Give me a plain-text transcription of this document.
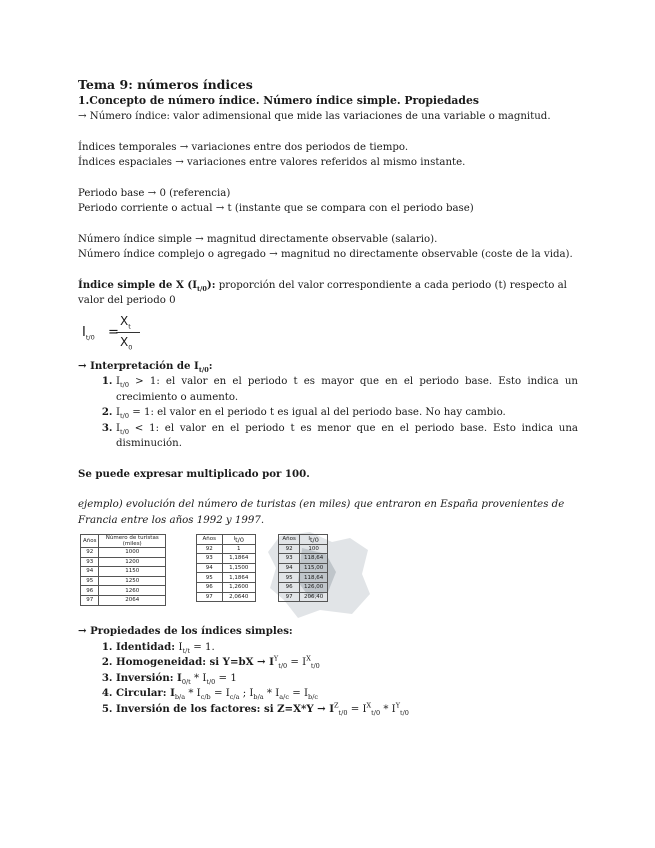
Tema 9: números índices

1.Concepto de número índice. Número índice simple. Propiedades

→ Número índice: valor adimensional que mide las variaciones de una variable o magnitud.

Índices temporales → variaciones entre dos periodos de tiempo.

Índices espaciales → variaciones entre valores referidos al mismo instante.

Periodo base → 0 (referencia)

Periodo corriente o actual → t (instante que se compara con el periodo base)

Número índice simple → magnitud directamente observable (salario).

Número índice complejo o agregado → magnitud no directamente observable (coste de la vida).

Índice simple de X $(I_{t/0})$: proporción del valor correspondiente a cada periodo (t) respecto al valor del periodo 0

$I_{t/0}$ =
$X_t$
$X_0$

→ Interpretación de $I_{t/0}$:

1. $I_{t/0} > 1$: el valor en el periodo t es mayor que en el periodo base. Esto indica un crecimiento o aumento.
2. $I_{t/0} = 1$: el valor en el periodo t es igual al del periodo base. No hay cambio.
3. $I_{t/0} < 1$: el valor en el periodo t es menor que en el periodo base. Esto indica una disminución.

Se puede expresar multiplicado por 100.

ejemplo) evolución del número de turistas (en miles) que entraron en España provenientes de Francia entre los años 1992 y 1997.

Años	Número de turistas (miles)
92	1000
93	1200
94	1150
95	1250
96	1260
97	2064
Años	$I_{t/0}$
92	1
93	1,1864
94	1,1500
95	1,1864
96	1,2600
97	2,0640
Años	$I_{t/0}$
92	100
93	118,64
94	115,00
95	118,64
96	126,00
97	206,40

→ Propiedades de los índices simples:

1. Identidad: $I_{t/t} = 1$.
2. Homogeneidad: si $Y=bX \to I^Y_{t/0} = I^X_{t/0}$
3. Inversión: $I_{0/t} * I_{t/0} = 1$
4. Circular: $I_{b/a} * I_{c/b} = I_{c/a}$ ; $I_{b/a} * I_{a/c} = I_{b/c}$
5. Inversión de los factores: si $Z=X*Y \to I^Z_{t/0} = I^X_{t/0} * I^Y_{t/0}$
